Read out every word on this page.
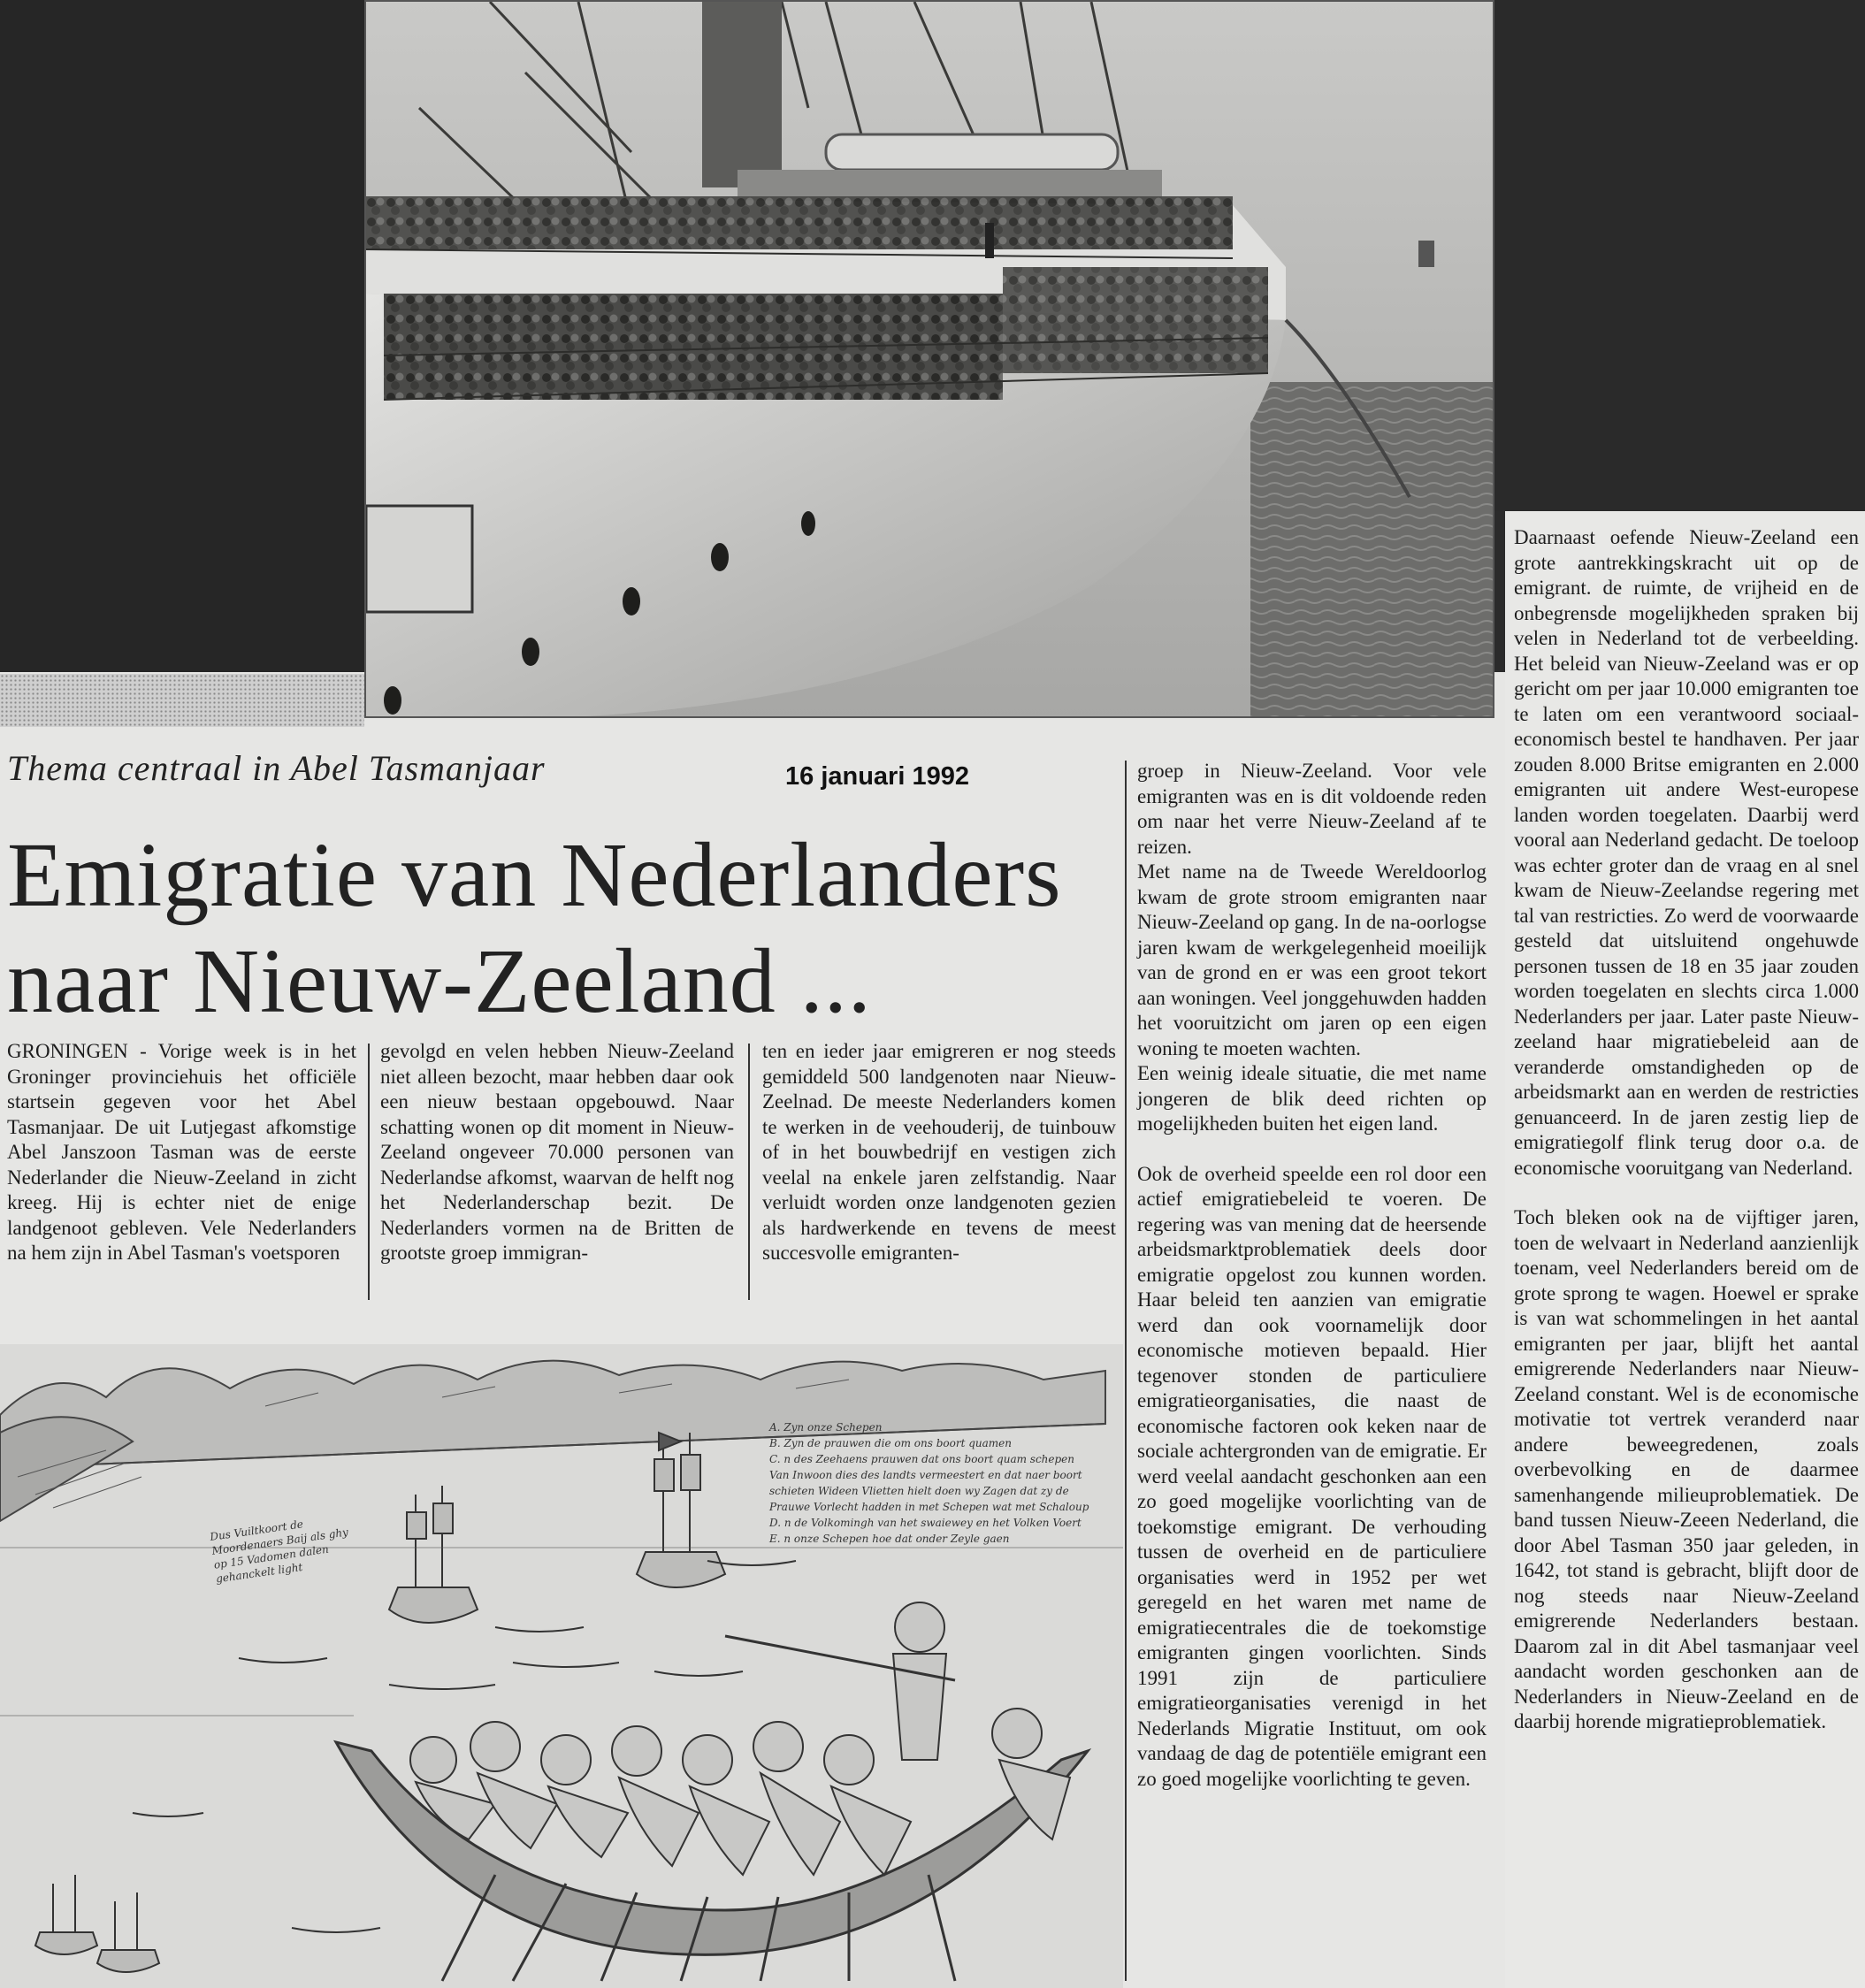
Thema centraal in Abel Tasmanjaar	16 januari 1992
Emigratie van Nederlanders
naar Nieuw-Zeeland ...

GRONINGEN - Vorige week is in het Groninger provinciehuis het officiële startsein gegeven voor het Abel Tasmanjaar. De uit Lutjegast afkomstige Abel Janszoon Tasman was de eerste Nederlander die Nieuw-Zeeland in zicht kreeg. Hij is echter niet de enige landgenoot gebleven. Vele Nederlanders na hem zijn in Abel Tasman's voetsporen

gevolgd en velen hebben Nieuw-Zeeland niet alleen bezocht, maar hebben daar ook een nieuw bestaan opgebouwd. Naar schatting wonen op dit moment in Nieuw-Zeeland ongeveer 70.000 personen van Nederlandse afkomst, waarvan de helft nog het Nederlanderschap bezit. De Nederlanders vormen na de Britten de grootste groep immigran-

ten en ieder jaar emigreren er nog steeds gemiddeld 500 landgenoten naar Nieuw-Zeelnad. De meeste Nederlanders komen te werken in de veehouderij, de tuinbouw of in het bouwbedrijf en vestigen zich veelal na enkele jaren zelfstandig. Naar verluidt worden onze landgenoten gezien als hardwerkende en tevens de meest succesvolle emigranten-

groep in Nieuw-Zeeland. Voor vele emigranten was en is dit voldoende reden om naar het verre Nieuw-Zeeland af te reizen.

Met name na de Tweede Wereldoorlog kwam de grote stroom emigranten naar Nieuw-Zeeland op gang. In de na-oorlogse jaren kwam de werkgelegenheid moeilijk van de grond en er was een groot tekort aan woningen. Veel jonggehuwden hadden het vooruitzicht om jaren op een eigen woning te moeten wachten.

Een weinig ideale situatie, die met name jongeren de blik deed richten op mogelijkheden buiten het eigen land.

Ook de overheid speelde een rol door een actief emigratiebeleid te voeren. De regering was van mening dat de heersende arbeidsmarktproblematiek deels door emigratie opgelost zou kunnen worden. Haar beleid ten aanzien van emigratie werd dan ook voornamelijk door economische motieven bepaald. Hier tegenover stonden de particuliere emigratieorganisaties, die naast de economische factoren ook keken naar de sociale achtergronden van de emigratie. Er werd veelal aandacht geschonken aan een zo goed mogelijke voorlichting van de toekomstige emigrant. De verhouding tussen de overheid en de particuliere organisaties werd in 1952 per wet geregeld en het waren met name de emigratiecentrales die de toekomstige emigranten gingen voorlichten. Sinds 1991 zijn de particuliere emigratieorganisaties verenigd in het Nederlands Migratie Instituut, om ook vandaag de dag de potentiële emigrant een zo goed mogelijke voorlichting te geven.

Daarnaast oefende Nieuw-Zeeland een grote aantrekkingskracht uit op de emigrant. de ruimte, de vrijheid en de onbegrensde mogelijkheden spraken bij velen in Nederland tot de verbeelding. Het beleid van Nieuw-Zeeland was er op gericht om per jaar 10.000 emigranten toe te laten om een verantwoord sociaal-economisch bestel te handhaven. Per jaar zouden 8.000 Britse emigranten en 2.000 emigranten uit andere West-europese landen worden toegelaten. Daarbij werd vooral aan Nederland gedacht. De toeloop was echter groter dan de vraag en al snel kwam de Nieuw-Zeelandse regering met tal van restricties. Zo werd de voorwaarde gesteld dat uitsluitend ongehuwde personen tussen de 18 en 35 jaar zouden worden toegelaten en slechts circa 1.000 Nederlanders per jaar. Later paste Nieuw-zeeland haar migratiebeleid aan de veranderde omstandigheden op de arbeidsmarkt aan en werden de restricties genuanceerd. In de jaren zestig liep de emigratiegolf flink terug door o.a. de economische vooruitgang van Nederland.

Toch bleken ook na de vijftiger jaren, toen de welvaart in Nederland aanzienlijk toenam, veel Nederlanders bereid om de grote sprong te wagen. Hoewel er sprake is van wat schommelingen in het aantal emigranten per jaar, blijft het aantal emigrerende Nederlanders naar Nieuw-Zeeland constant. Wel is de economische motivatie tot vertrek veranderd naar andere beweegredenen, zoals overbevolking en de daarmee samenhangende milieuproblematiek. De band tussen Nieuw-Zeeen Nederland, die door Abel Tasman 350 jaar geleden, in 1642, tot stand is gebracht, blijft door de nog steeds naar Nieuw-Zeeland emigrerende Nederlanders bestaan. Daarom zal in dit Abel tasmanjaar veel aandacht worden geschonken aan de Nederlanders in Nieuw-Zeeland en de daarbij horende migratieproblematiek.

A. Zyn onze Schepen
B. Zyn de prauwen die om ons boort quamen
C. n des Zeehaens prauwen dat ons boort quam schepen
Van Inwoon dies des landts vermeestert en dat naer boort
schieten Wideen Vlietten hielt doen wy Zagen dat zy de
Prauwe Vorlecht hadden in met Schepen wat met Schaloup
D. n de Volkomingh van het swaiewey en het Volken Voert
E. n onze Schepen hoe dat onder Zeyle gaen
Dus Vuiltkoort de Moordenaers Baij als ghy op 15 Vadomen dalen gehanckelt light
